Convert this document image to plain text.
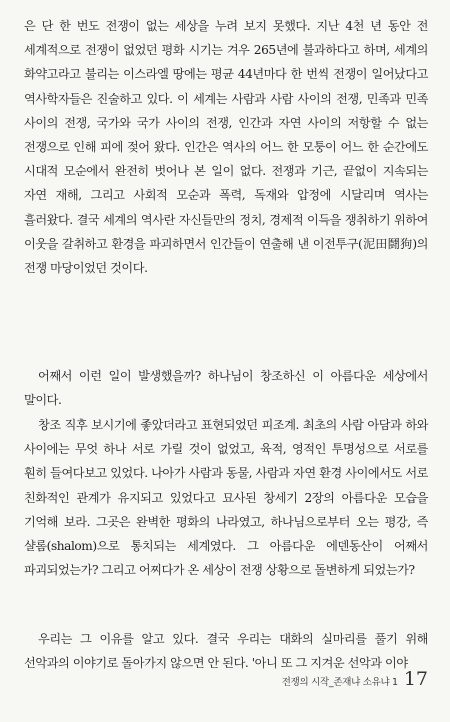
은 단 한 번도 전쟁이 없는 세상을 누려 보지 못했다. 지난 4천 년 동안 전 세계적으로 전쟁이 없었던 평화 시기는 겨우 265년에 불과하다고 하며, 세계의 화약고라고 불리는 이스라엘 땅에는 평균 44년마다 한 번씩 전쟁이 일어났다고 역사학자들은 진술하고 있다. 이 세계는 사람과 사람 사이의 전쟁, 민족과 민족 사이의 전쟁, 국가와 국가 사이의 전쟁, 인간과 자연 사이의 저항할 수 없는 전쟁으로 인해 피에 젖어 왔다. 인간은 역사의 어느 한 모퉁이 어느 한 순간에도 시대적 모순에서 완전히 벗어나 본 일이 없다. 전쟁과 기근, 끝없이 지속되는 자연 재해, 그리고 사회적 모순과 폭력, 독재와 압정에 시달리며 역사는 흘러왔다. 결국 세계의 역사란 자신들만의 정치, 경제적 이득을 쟁취하기 위하여 이웃을 갈취하고 환경을 파괴하면서 인간들이 연출해 낸 이전투구(泥田鬪狗)의 전쟁 마당이었던 것이다.

어째서 이런 일이 발생했을까? 하나님이 창조하신 이 아름다운 세상에서 말이다.

창조 직후 보시기에 좋았더라고 표현되었던 피조계. 최초의 사람 아담과 하와 사이에는 무엇 하나 서로 가릴 것이 없었고, 육적, 영적인 투명성으로 서로를 훤히 들여다보고 있었다. 나아가 사람과 동물, 사람과 자연 환경 사이에서도 서로 친화적인 관계가 유지되고 있었다고 묘사된 창세기 2장의 아름다운 모습을 기억해 보라. 그곳은 완벽한 평화의 나라였고, 하나님으로부터 오는 평강, 즉 샬롬(shalom)으로 통치되는 세계였다. 그 아름다운 에덴동산이 어째서 파괴되었는가? 그리고 어찌다가 온 세상이 전쟁 상황으로 돌변하게 되었는가?

우리는 그 이유를 알고 있다. 결국 우리는 대화의 실마리를 풀기 위해 선악과의 이야기로 돌아가지 않으면 안 된다. '아니 또 그 지겨운 선악과 이야

전쟁의 시작_존재냐 소유냐 1 17
